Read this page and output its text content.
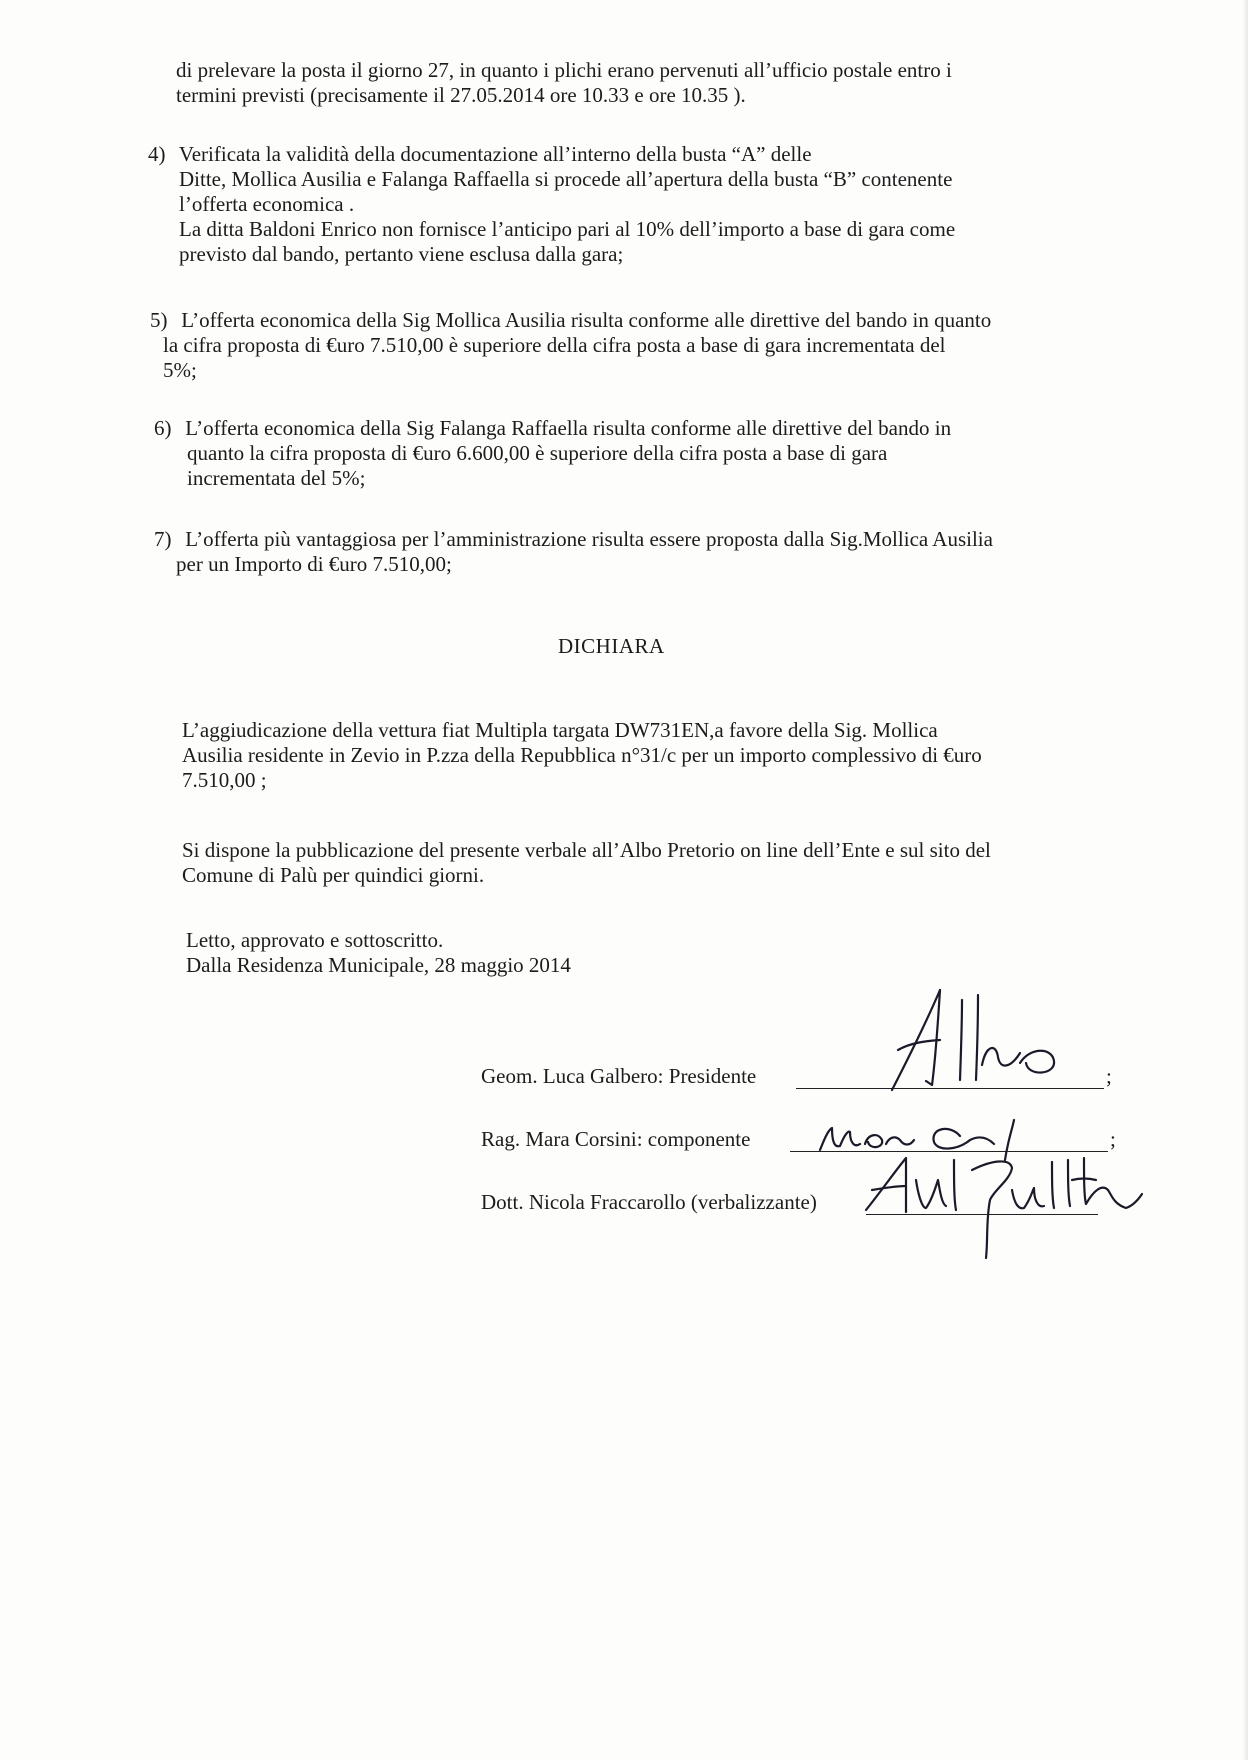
di prelevare la posta il giorno 27, in quanto i plichi erano pervenuti all’ufficio postale entro i
termini previsti (precisamente il 27.05.2014 ore 10.33 e ore 10.35 ).
4) Verificata la validità della documentazione all’interno della busta “A” delle
Ditte, Mollica Ausilia e Falanga Raffaella si procede all’apertura della busta “B” contenente
l’offerta economica .
La ditta Baldoni Enrico non fornisce l’anticipo pari al 10% dell’importo a base di gara come
previsto dal bando, pertanto viene esclusa dalla gara;
5) L’offerta economica della Sig Mollica Ausilia risulta conforme alle direttive del bando in quanto
la cifra proposta di €uro 7.510,00 è superiore della cifra posta a base di gara incrementata del
5%;
6) L’offerta economica della Sig Falanga Raffaella risulta conforme alle direttive del bando in
quanto la cifra proposta di €uro 6.600,00 è superiore della cifra posta a base di gara
incrementata del 5%;
7) L’offerta più vantaggiosa per l’amministrazione risulta essere proposta dalla Sig.Mollica Ausilia
per un Importo di €uro 7.510,00;
DICHIARA
L’aggiudicazione della vettura fiat Multipla targata DW731EN,a favore della Sig. Mollica
Ausilia residente in Zevio in P.zza della Repubblica n°31/c per un importo complessivo di €uro
7.510,00 ;
Si dispone la pubblicazione del presente verbale all’Albo Pretorio on line dell’Ente e sul sito del
Comune di Palù per quindici giorni.
Letto, approvato e sottoscritto.
Dalla Residenza Municipale, 28 maggio 2014
Geom. Luca Galbero: Presidente	;
Rag. Mara Corsini: componente	;
Dott. Nicola Fraccarollo (verbalizzante)
